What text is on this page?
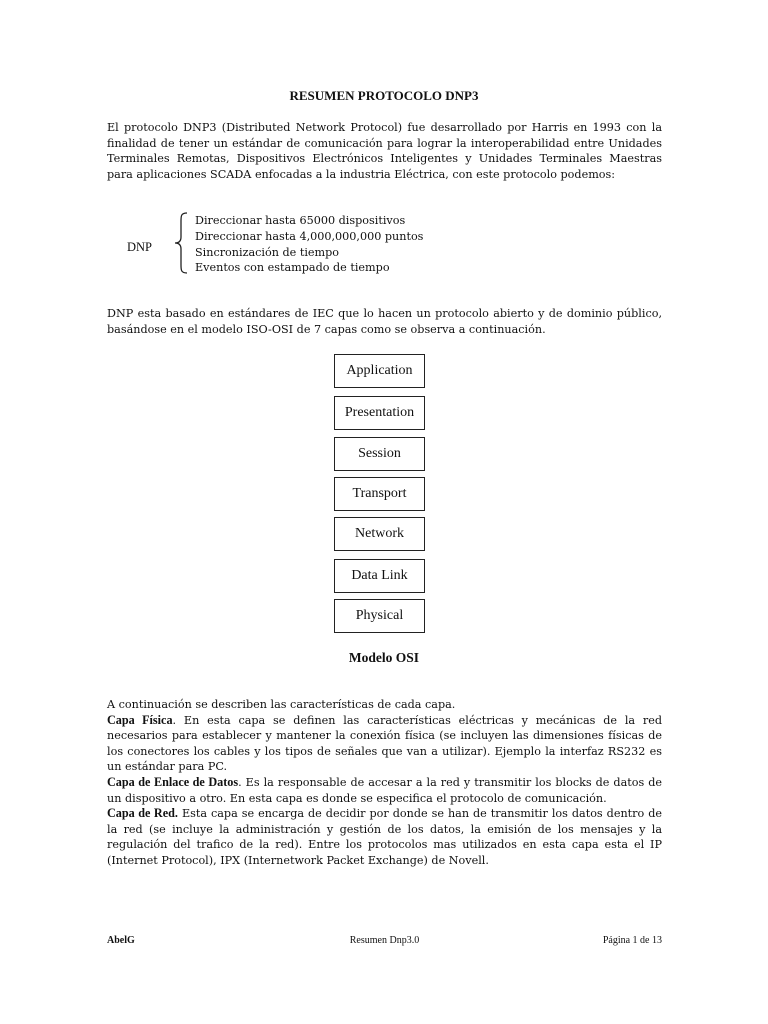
RESUMEN PROTOCOLO DNP3

El protocolo DNP3 (Distributed Network Protocol) fue desarrollado por Harris en 1993 con la finalidad de tener un estándar de comunicación para lograr la interoperabilidad entre Unidades Terminales Remotas, Dispositivos Electrónicos Inteligentes y Unidades Terminales Maestras para aplicaciones SCADA enfocadas a la industria Eléctrica, con este protocolo podemos:

DNP
Direccionar hasta 65000 dispositivos
Direccionar hasta 4,000,000,000 puntos
Sincronización de tiempo
Eventos con estampado de tiempo

DNP esta basado en estándares de IEC que lo hacen un protocolo abierto y de dominio público, basándose en el modelo ISO-OSI de 7 capas como se observa a continuación.

Application
Presentation
Session
Transport
Network
Data Link
Physical
Modelo OSI

A continuación se describen las características de cada capa.

Capa Física. En esta capa se definen las características eléctricas y mecánicas de la red necesarios para establecer y mantener la conexión física (se incluyen las dimensiones físicas de los conectores los cables y los tipos de señales que van a utilizar). Ejemplo la interfaz RS232 es un estándar para PC.

Capa de Enlace de Datos. Es la responsable de accesar a la red y transmitir los blocks de datos de un dispositivo a otro. En esta capa es donde se especifica el protocolo de comunicación.

Capa de Red. Esta capa se encarga de decidir por donde se han de transmitir los datos dentro de la red (se incluye la administración y gestión de los datos, la emisión de los mensajes y la regulación del trafico de la red). Entre los protocolos mas utilizados en esta capa esta el IP (Internet Protocol), IPX (Internetwork Packet Exchange) de Novell.

Resumen Dnp3.0
AbelG	Página 1 de 13
